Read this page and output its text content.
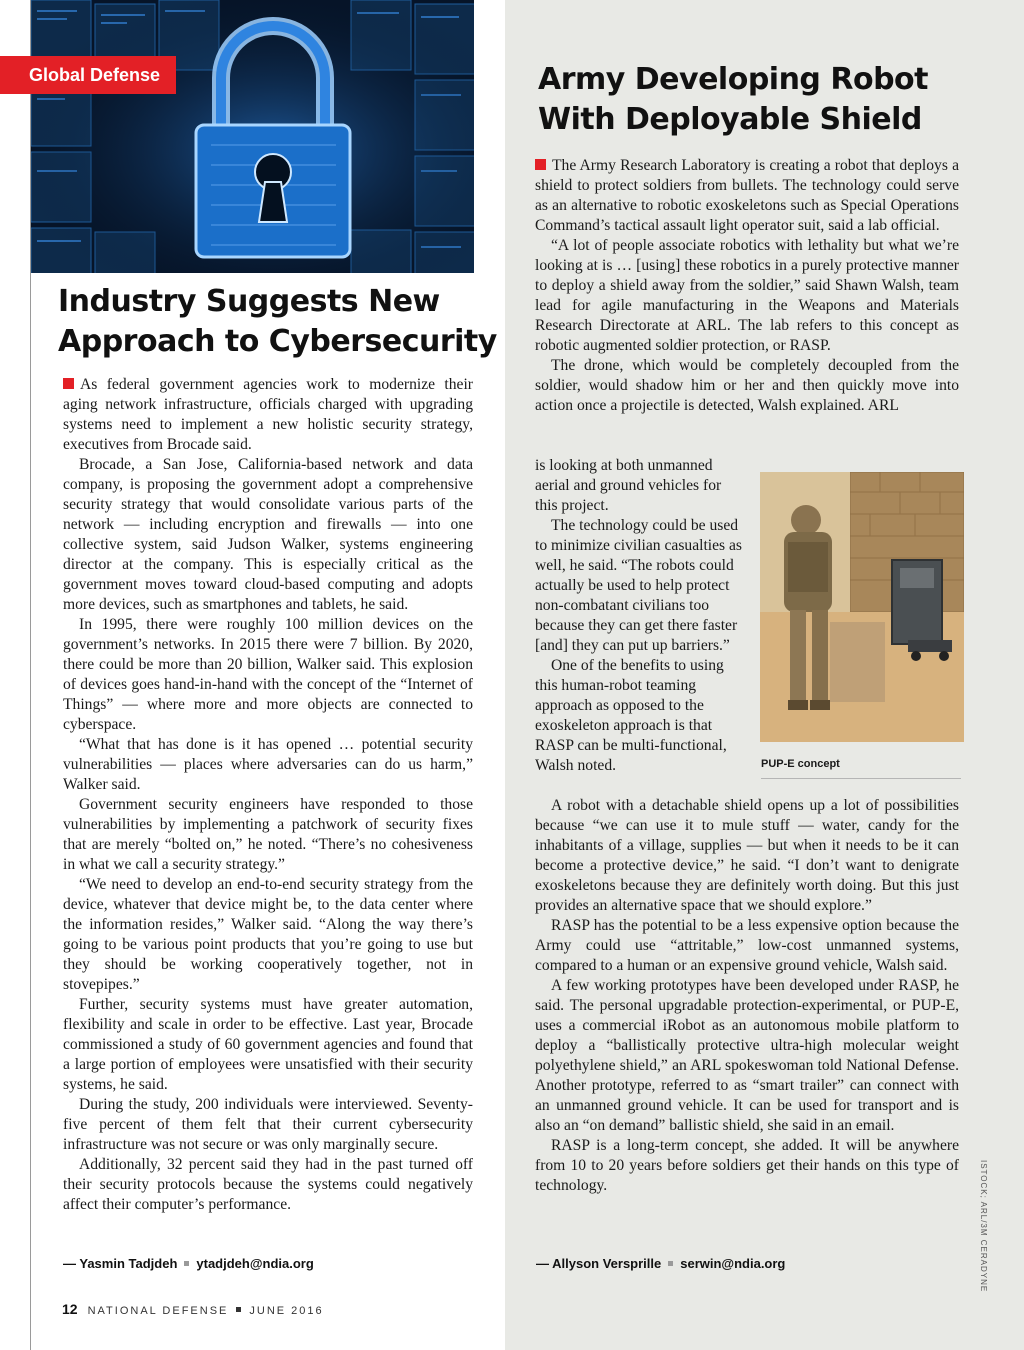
Global Defense
Industry Suggests New
Approach to Cybersecurity

As federal government agencies work to modernize their aging network infrastructure, officials charged with upgrading systems need to implement a new holistic security strategy, executives from Brocade said.

Brocade, a San Jose, California-based network and data company, is proposing the government adopt a comprehensive security strategy that would consolidate various parts of the network — including encryption and firewalls — into one collective system, said Judson Walker, systems engineering director at the company. This is especially critical as the government moves toward cloud-based computing and adopts more devices, such as smartphones and tablets, he said.

In 1995, there were roughly 100 million devices on the government’s networks. In 2015 there were 7 billion. By 2020, there could be more than 20 billion, Walker said. This explosion of devices goes hand-in-hand with the concept of the “Internet of Things” — where more and more objects are connected to cyberspace.

“What that has done is it has opened … potential security vulnerabilities — places where adversaries can do us harm,” Walker said.

Government security engineers have responded to those vulnerabilities by implementing a patchwork of security fixes that are merely “bolted on,” he noted. “There’s no cohesiveness in what we call a security strategy.”

“We need to develop an end-to-end security strategy from the device, whatever that device might be, to the data center where the information resides,” Walker said. “Along the way there’s going to be various point products that you’re going to use but they should be working cooperatively together, not in stovepipes.”

Further, security systems must have greater automation, flexibility and scale in order to be effective. Last year, Brocade commissioned a study of 60 government agencies and found that a large portion of employees were unsatisfied with their security systems, he said.

During the study, 200 individuals were interviewed. Seventy-five percent of them felt that their current cybersecurity infrastructure was not secure or was only marginally secure.

Additionally, 32 percent said they had in the past turned off their security protocols because the systems could negatively affect their computer’s performance.

— Yasmin Tadjdeh ytadjdeh@ndia.org
Army Developing Robot
With Deployable Shield

The Army Research Laboratory is creating a robot that deploys a shield to protect soldiers from bullets. The technology could serve as an alternative to robotic exoskeletons such as Special Operations Command’s tactical assault light operator suit, said a lab official.

“A lot of people associate robotics with lethality but what we’re looking at is … [using] these robotics in a purely protective manner to deploy a shield away from the soldier,” said Shawn Walsh, team lead for agile manufacturing in the Weapons and Materials Research Directorate at ARL. The lab refers to this concept as robotic augmented soldier protection, or RASP.

The drone, which would be completely decoupled from the soldier, would shadow him or her and then quickly move into action once a projectile is detected, Walsh explained. ARL

is looking at both unmanned aerial and ground vehicles for this project.

The technology could be used to minimize civilian casualties as well, he said. “The robots could actually be used to help protect non-combatant civilians too because they can get there faster [and] they can put up barriers.”

One of the benefits to using this human-robot teaming approach as opposed to the exoskeleton approach is that RASP can be multi-functional, Walsh noted.	PUP-E concept

A robot with a detachable shield opens up a lot of possibilities because “we can use it to mule stuff — water, candy for the inhabitants of a village, supplies — but when it needs to be it can become a protective device,” he said. “I don’t want to denigrate exoskeletons because they are definitely worth doing. But this just provides an alternative space that we should explore.”

RASP has the potential to be a less expensive option because the Army could use “attritable,” low-cost unmanned systems, compared to a human or an expensive ground vehicle, Walsh said.

A few working prototypes have been developed under RASP, he said. The personal upgradable protection-experimental, or PUP-E, uses a commercial iRobot as an autonomous mobile platform to deploy a “ballistically protective ultra-high molecular weight polyethylene shield,” an ARL spokeswoman told National Defense. Another prototype, referred to as “smart trailer” can connect with an unmanned ground vehicle. It can be used for transport and is also an “on demand” ballistic shield, she said in an email.

RASP is a long-term concept, she added. It will be anywhere from 10 to 20 years before soldiers get their hands on this type of technology.

— Allyson Versprille serwin@ndia.org	ISTOCK; ARL/3M CERADYNE
12 NATIONAL DEFENSE JUNE 2016
